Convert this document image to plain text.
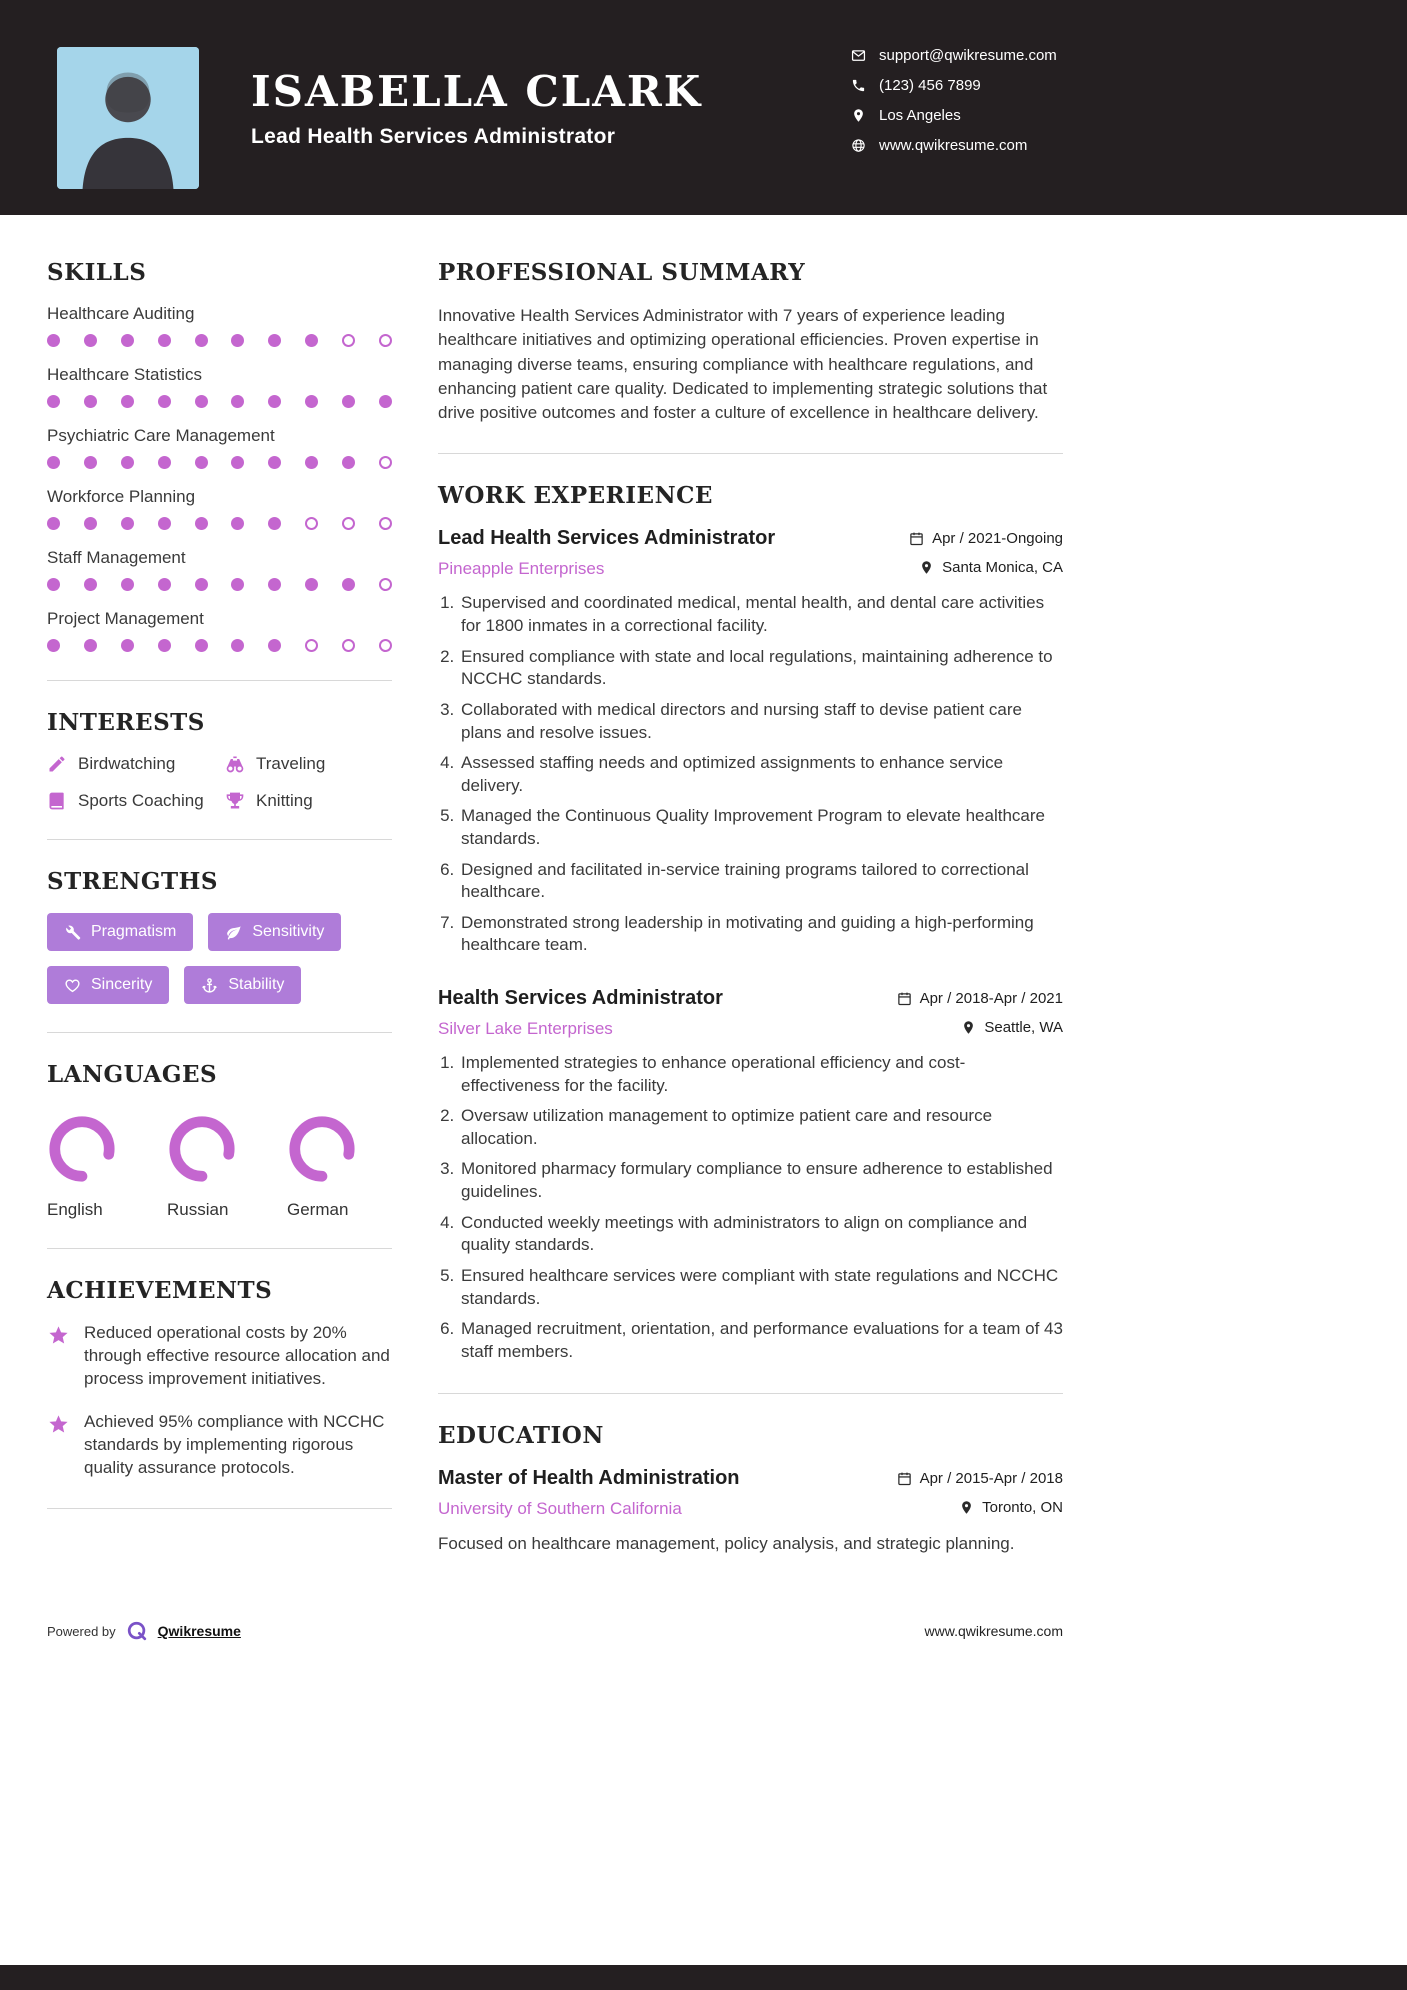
ISABELLA CLARK
Lead Health Services Administrator
support@qwikresume.com
(123) 456 7899
Los Angeles
www.qwikresume.com
SKILLS
Healthcare Auditing
Healthcare Statistics
Psychiatric Care Management
Workforce Planning
Staff Management
Project Management
INTERESTS
Birdwatching	Traveling
Sports Coaching	Knitting
STRENGTHS
Pragmatism	Sensitivity
Sincerity	Stability
LANGUAGES
English	Russian	German
ACHIEVEMENTS
Reduced operational costs by 20% through effective resource allocation and process improvement initiatives.
Achieved 95% compliance with NCCHC standards by implementing rigorous quality assurance protocols.
PROFESSIONAL SUMMARY

Innovative Health Services Administrator with 7 years of experience leading healthcare initiatives and optimizing operational efficiencies. Proven expertise in managing diverse teams, ensuring compliance with healthcare regulations, and enhancing patient care quality. Dedicated to implementing strategic solutions that drive positive outcomes and foster a culture of excellence in healthcare delivery.

WORK EXPERIENCE
Lead Health Services Administrator	Apr / 2021-Ongoing
Pineapple Enterprises	Santa Monica, CA
1. Supervised and coordinated medical, mental health, and dental care activities for 1800 inmates in a correctional facility.
2. Ensured compliance with state and local regulations, maintaining adherence to NCCHC standards.
3. Collaborated with medical directors and nursing staff to devise patient care plans and resolve issues.
4. Assessed staffing needs and optimized assignments to enhance service delivery.
5. Managed the Continuous Quality Improvement Program to elevate healthcare standards.
6. Designed and facilitated in-service training programs tailored to correctional healthcare.
7. Demonstrated strong leadership in motivating and guiding a high-performing healthcare team.
Health Services Administrator	Apr / 2018-Apr / 2021
Silver Lake Enterprises	Seattle, WA
1. Implemented strategies to enhance operational efficiency and cost-effectiveness for the facility.
2. Oversaw utilization management to optimize patient care and resource allocation.
3. Monitored pharmacy formulary compliance to ensure adherence to established guidelines.
4. Conducted weekly meetings with administrators to align on compliance and quality standards.
5. Ensured healthcare services were compliant with state regulations and NCCHC standards.
6. Managed recruitment, orientation, and performance evaluations for a team of 43 staff members.
EDUCATION
Master of Health Administration	Apr / 2015-Apr / 2018
University of Southern California	Toronto, ON

Focused on healthcare management, policy analysis, and strategic planning.

Powered by	Qwikresume	www.qwikresume.com
